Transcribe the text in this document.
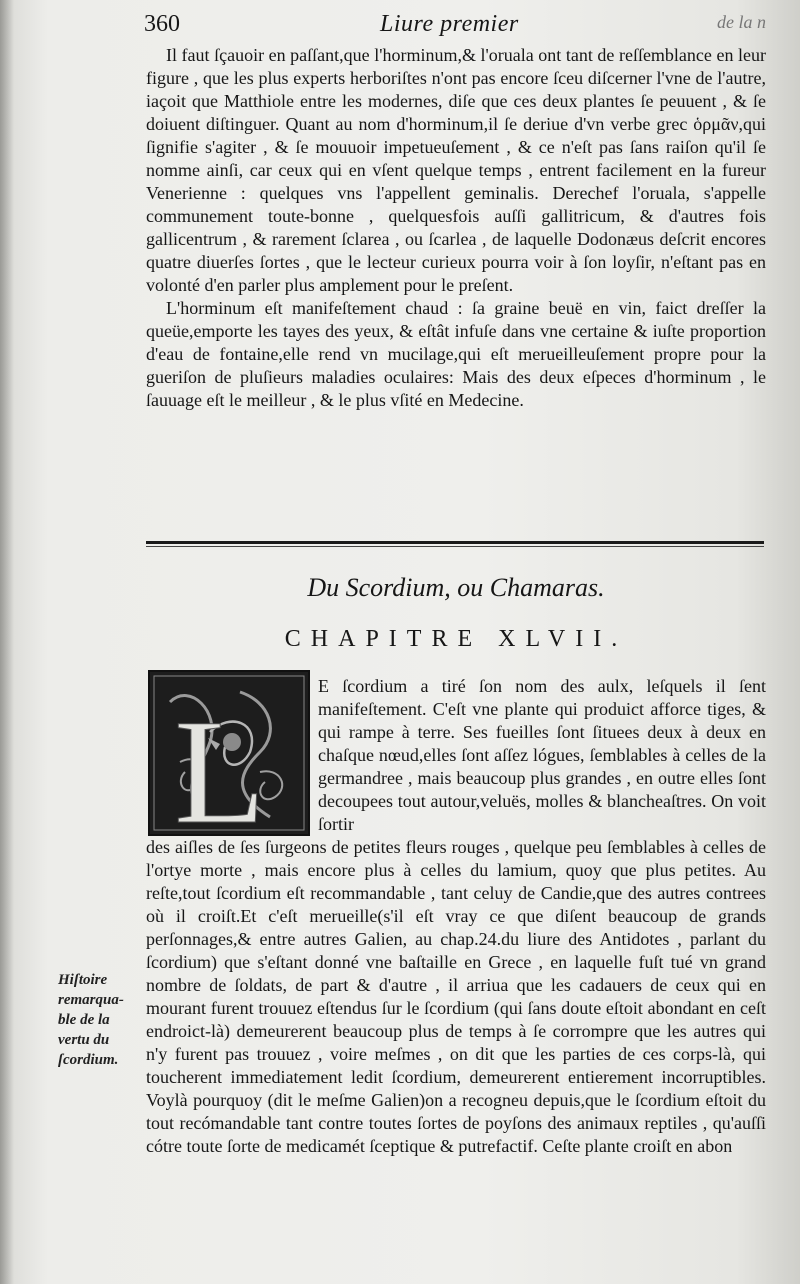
360	Liure premier	de la n

Il faut ſçauoir en paſſant,que l'horminum,& l'oruala ont tant de reſſemblance en leur figure , que les plus experts herboriſtes n'ont pas encore ſceu diſcerner l'vne de l'autre, iaçoit que Matthiole entre les modernes, diſe que ces deux plantes ſe peuuent , & ſe doiuent diſtinguer. Quant au nom d'horminum,il ſe deriue d'vn verbe grec ὁρμᾶν,qui ſignifie s'agiter , & ſe mouuoir impetueuſement , & ce n'eſt pas ſans raiſon qu'il ſe nomme ainſi, car ceux qui en vſent quelque temps , entrent facilement en la fureur Venerienne : quelques vns l'appellent geminalis. Derechef l'oruala, s'appelle communement toute-bonne , quelquesfois auſſi gallitricum, & d'autres fois gallicentrum , & rarement ſclarea , ou ſcarlea , de laquelle Dodonæus deſcrit encores quatre diuerſes ſortes , que le lecteur curieux pourra voir à ſon loyſir, n'eſtant pas en volonté d'en parler plus amplement pour le preſent.

L'horminum eſt manifeſtement chaud : ſa graine beuë en vin, faict dreſſer la queüe,emporte les tayes des yeux, & eſtât infuſe dans vne certaine & iuſte proportion d'eau de fontaine,elle rend vn mucilage,qui eſt merueilleuſement propre pour la gueriſon de pluſieurs maladies oculaires: Mais des deux eſpeces d'horminum , le ſauuage eſt le meilleur , & le plus vſité en Medecine.

Du Scordium, ou Chamaras.
CHAPITRE XLVII.
L
E ſcordium a tiré ſon nom des aulx, leſquels il ſent manifeſtement. C'eſt vne plante qui produict afforce tiges, & qui rampe à terre. Ses fueilles ſont ſituees deux à deux en chaſque nœud,elles ſont aſſez lógues, ſemblables à celles de la germandree , mais beaucoup plus grandes , en outre elles ſont decoupees tout autour,veluës, molles & blancheaſtres. On voit ſortir
des aiſles de ſes ſurgeons de petites fleurs rouges , quelque peu ſemblables à celles de l'ortye morte , mais encore plus à celles du lamium, quoy que plus petites. Au reſte,tout ſcordium eſt recommandable , tant celuy de Candie,que des autres contrees où il croiſt.Et c'eſt merueille(s'il eſt vray ce que diſent beaucoup de grands perſonnages,& entre autres Galien, au chap.24.du liure des Antidotes , parlant du ſcordium) que s'eſtant donné vne baſtaille en Grece , en laquelle fuſt tué vn grand nombre de ſoldats, de part & d'autre , il arriua que les cadauers de ceux qui en mourant furent trouuez eſtendus ſur le ſcordium (qui ſans doute eſtoit abondant en ceſt endroict-là) demeurerent beaucoup plus de temps à ſe corrompre que les autres qui n'y furent pas trouuez , voire meſmes , on dit que les parties de ces corps-là, qui toucherent immediatement ledit ſcordium, demeurerent entierement incorruptibles. Voylà pourquoy (dit le meſme Galien)on a recogneu depuis,que le ſcordium eſtoit du tout recómandable tant contre toutes ſortes de poyſons des animaux reptiles , qu'auſſi cótre toute ſorte de medicamét ſceptique & putrefactif. Ceſte plante croiſt en abon
Hiſtoire
remarqua-
ble de la
vertu du
ſcordium.
